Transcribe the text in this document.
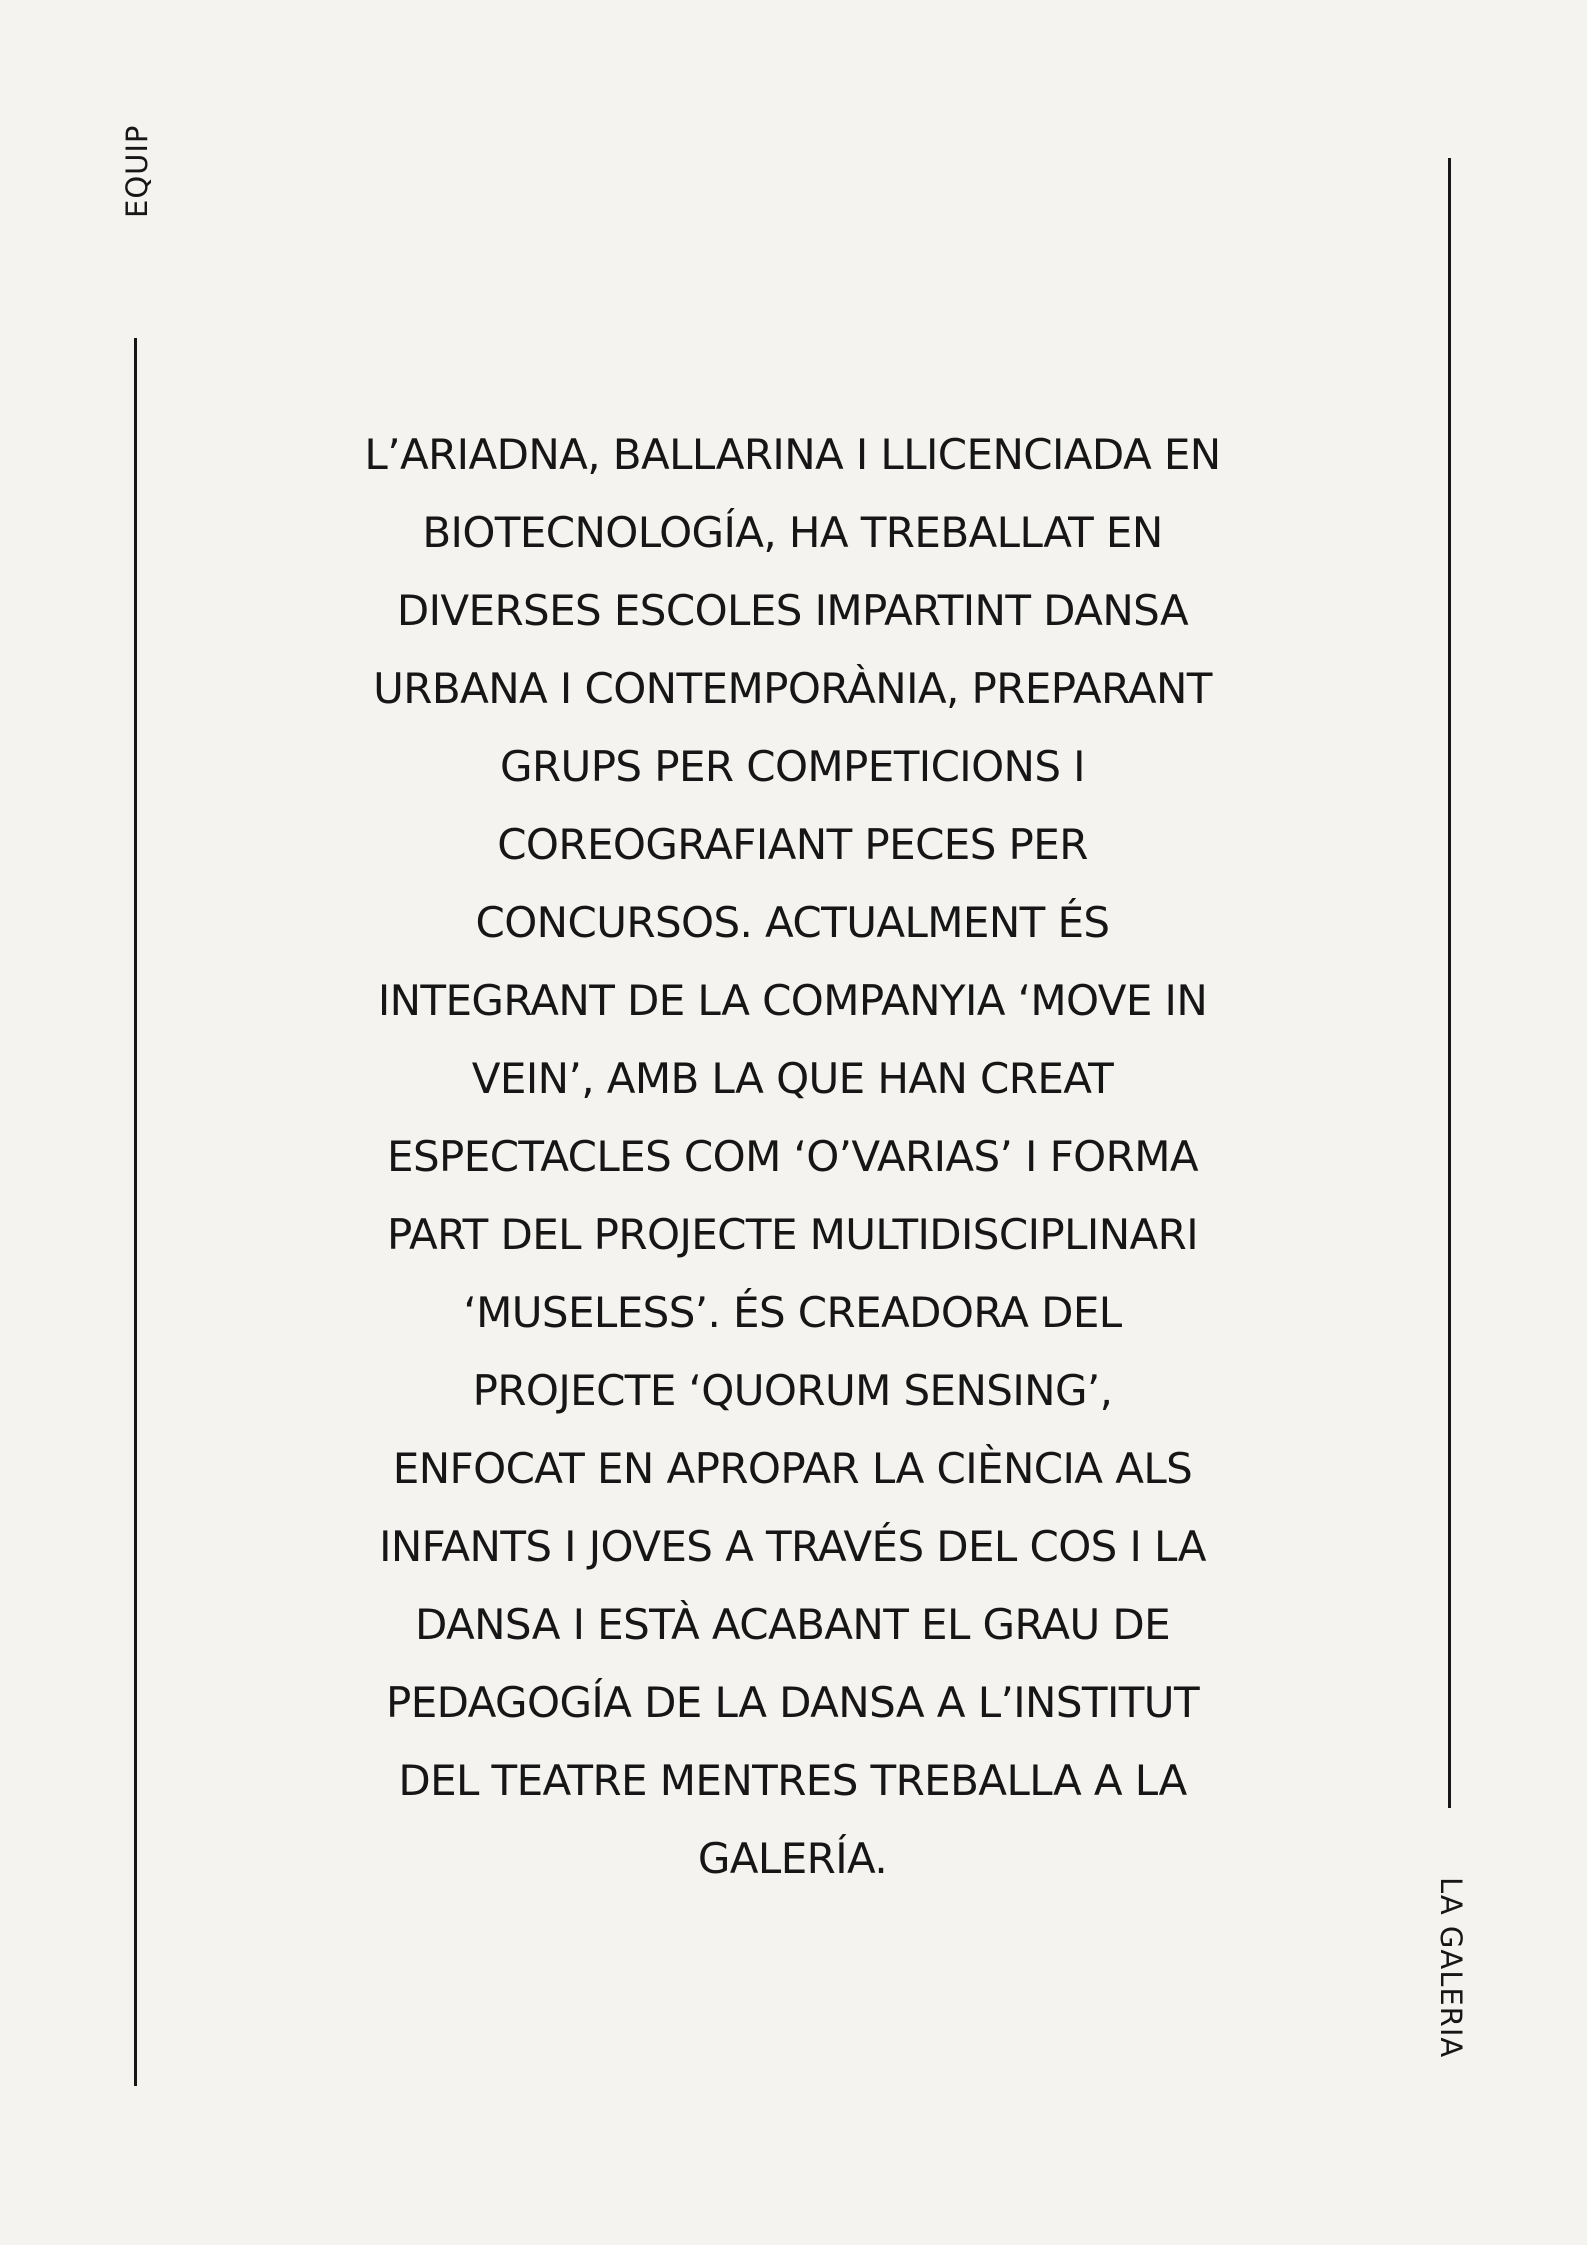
EQUIP
LA GALERIA
L’ARIADNA, BALLARINA I LLICENCIADA EN
BIOTECNOLOGÍA, HA TREBALLAT EN
DIVERSES ESCOLES IMPARTINT DANSA
URBANA I CONTEMPORÀNIA, PREPARANT
GRUPS PER COMPETICIONS I
COREOGRAFIANT PECES PER
CONCURSOS. ACTUALMENT ÉS
INTEGRANT DE LA COMPANYIA ‘MOVE IN
VEIN’, AMB LA QUE HAN CREAT
ESPECTACLES COM ‘O’VARIAS’ I FORMA
PART DEL PROJECTE MULTIDISCIPLINARI
‘MUSELESS’. ÉS CREADORA DEL
PROJECTE ‘QUORUM SENSING’,
ENFOCAT EN APROPAR LA CIÈNCIA ALS
INFANTS I JOVES A TRAVÉS DEL COS I LA
DANSA I ESTÀ ACABANT EL GRAU DE
PEDAGOGÍA DE LA DANSA A L’INSTITUT
DEL TEATRE MENTRES TREBALLA A LA
GALERÍA.
